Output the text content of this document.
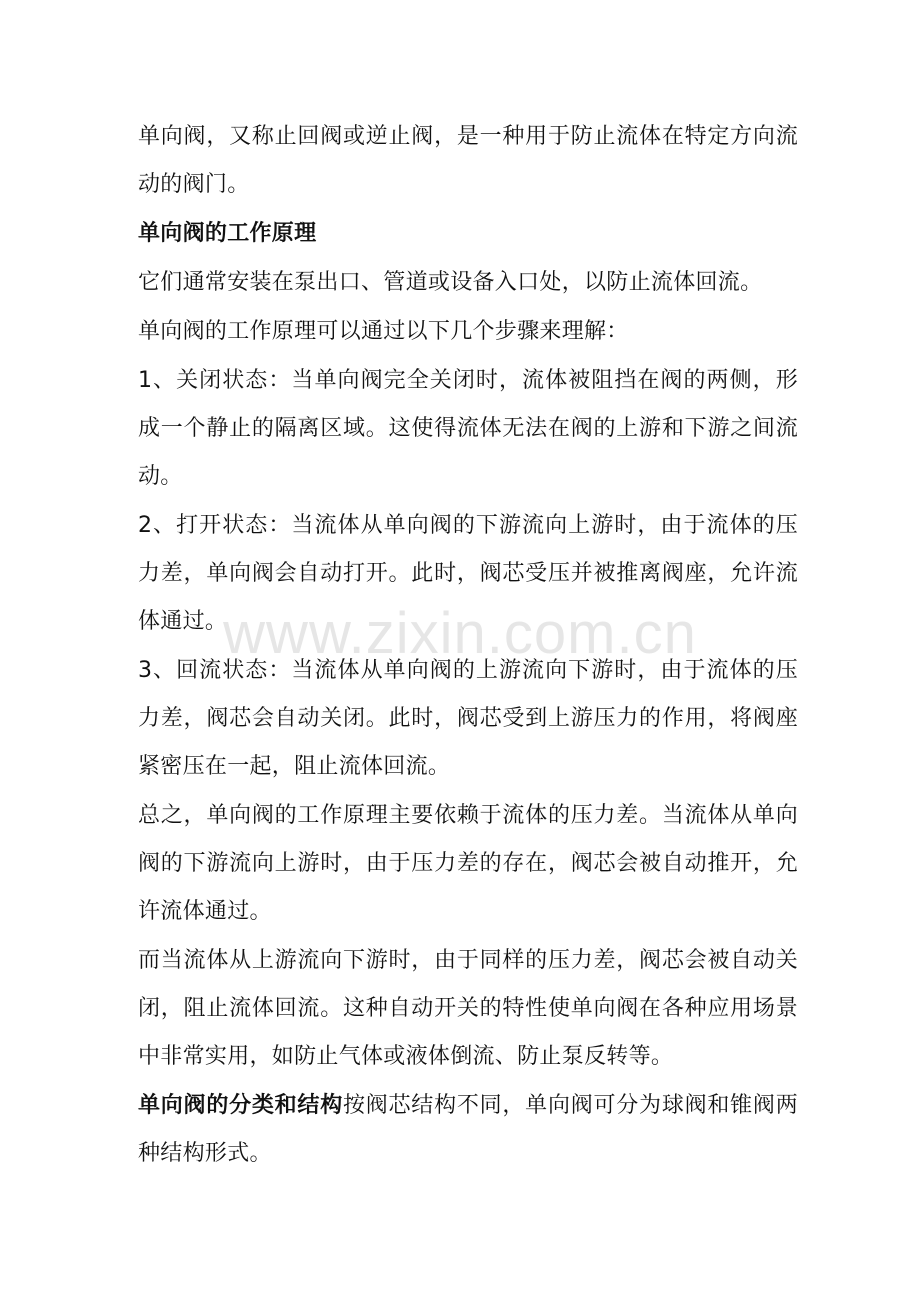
单向阀，又称止回阀或逆止阀，是一种用于防止流体在特定方向流动的阀门。

单向阀的工作原理

它们通常安装在泵出口、管道或设备入口处，以防止流体回流。

单向阀的工作原理可以通过以下几个步骤来理解：

1、关闭状态：当单向阀完全关闭时，流体被阻挡在阀的两侧，形成一个静止的隔离区域。这使得流体无法在阀的上游和下游之间流动。

2、打开状态：当流体从单向阀的下游流向上游时，由于流体的压力差，单向阀会自动打开。此时，阀芯受压并被推离阀座，允许流体通过。

3、回流状态：当流体从单向阀的上游流向下游时，由于流体的压力差，阀芯会自动关闭。此时，阀芯受到上游压力的作用，将阀座紧密压在一起，阻止流体回流。

总之，单向阀的工作原理主要依赖于流体的压力差。当流体从单向阀的下游流向上游时，由于压力差的存在，阀芯会被自动推开，允许流体通过。

而当流体从上游流向下游时，由于同样的压力差，阀芯会被自动关闭，阻止流体回流。这种自动开关的特性使单向阀在各种应用场景中非常实用，如防止气体或液体倒流、防止泵反转等。

单向阀的分类和结构按阀芯结构不同，单向阀可分为球阀和锥阀两种结构形式。

www.zixin.com.cn
